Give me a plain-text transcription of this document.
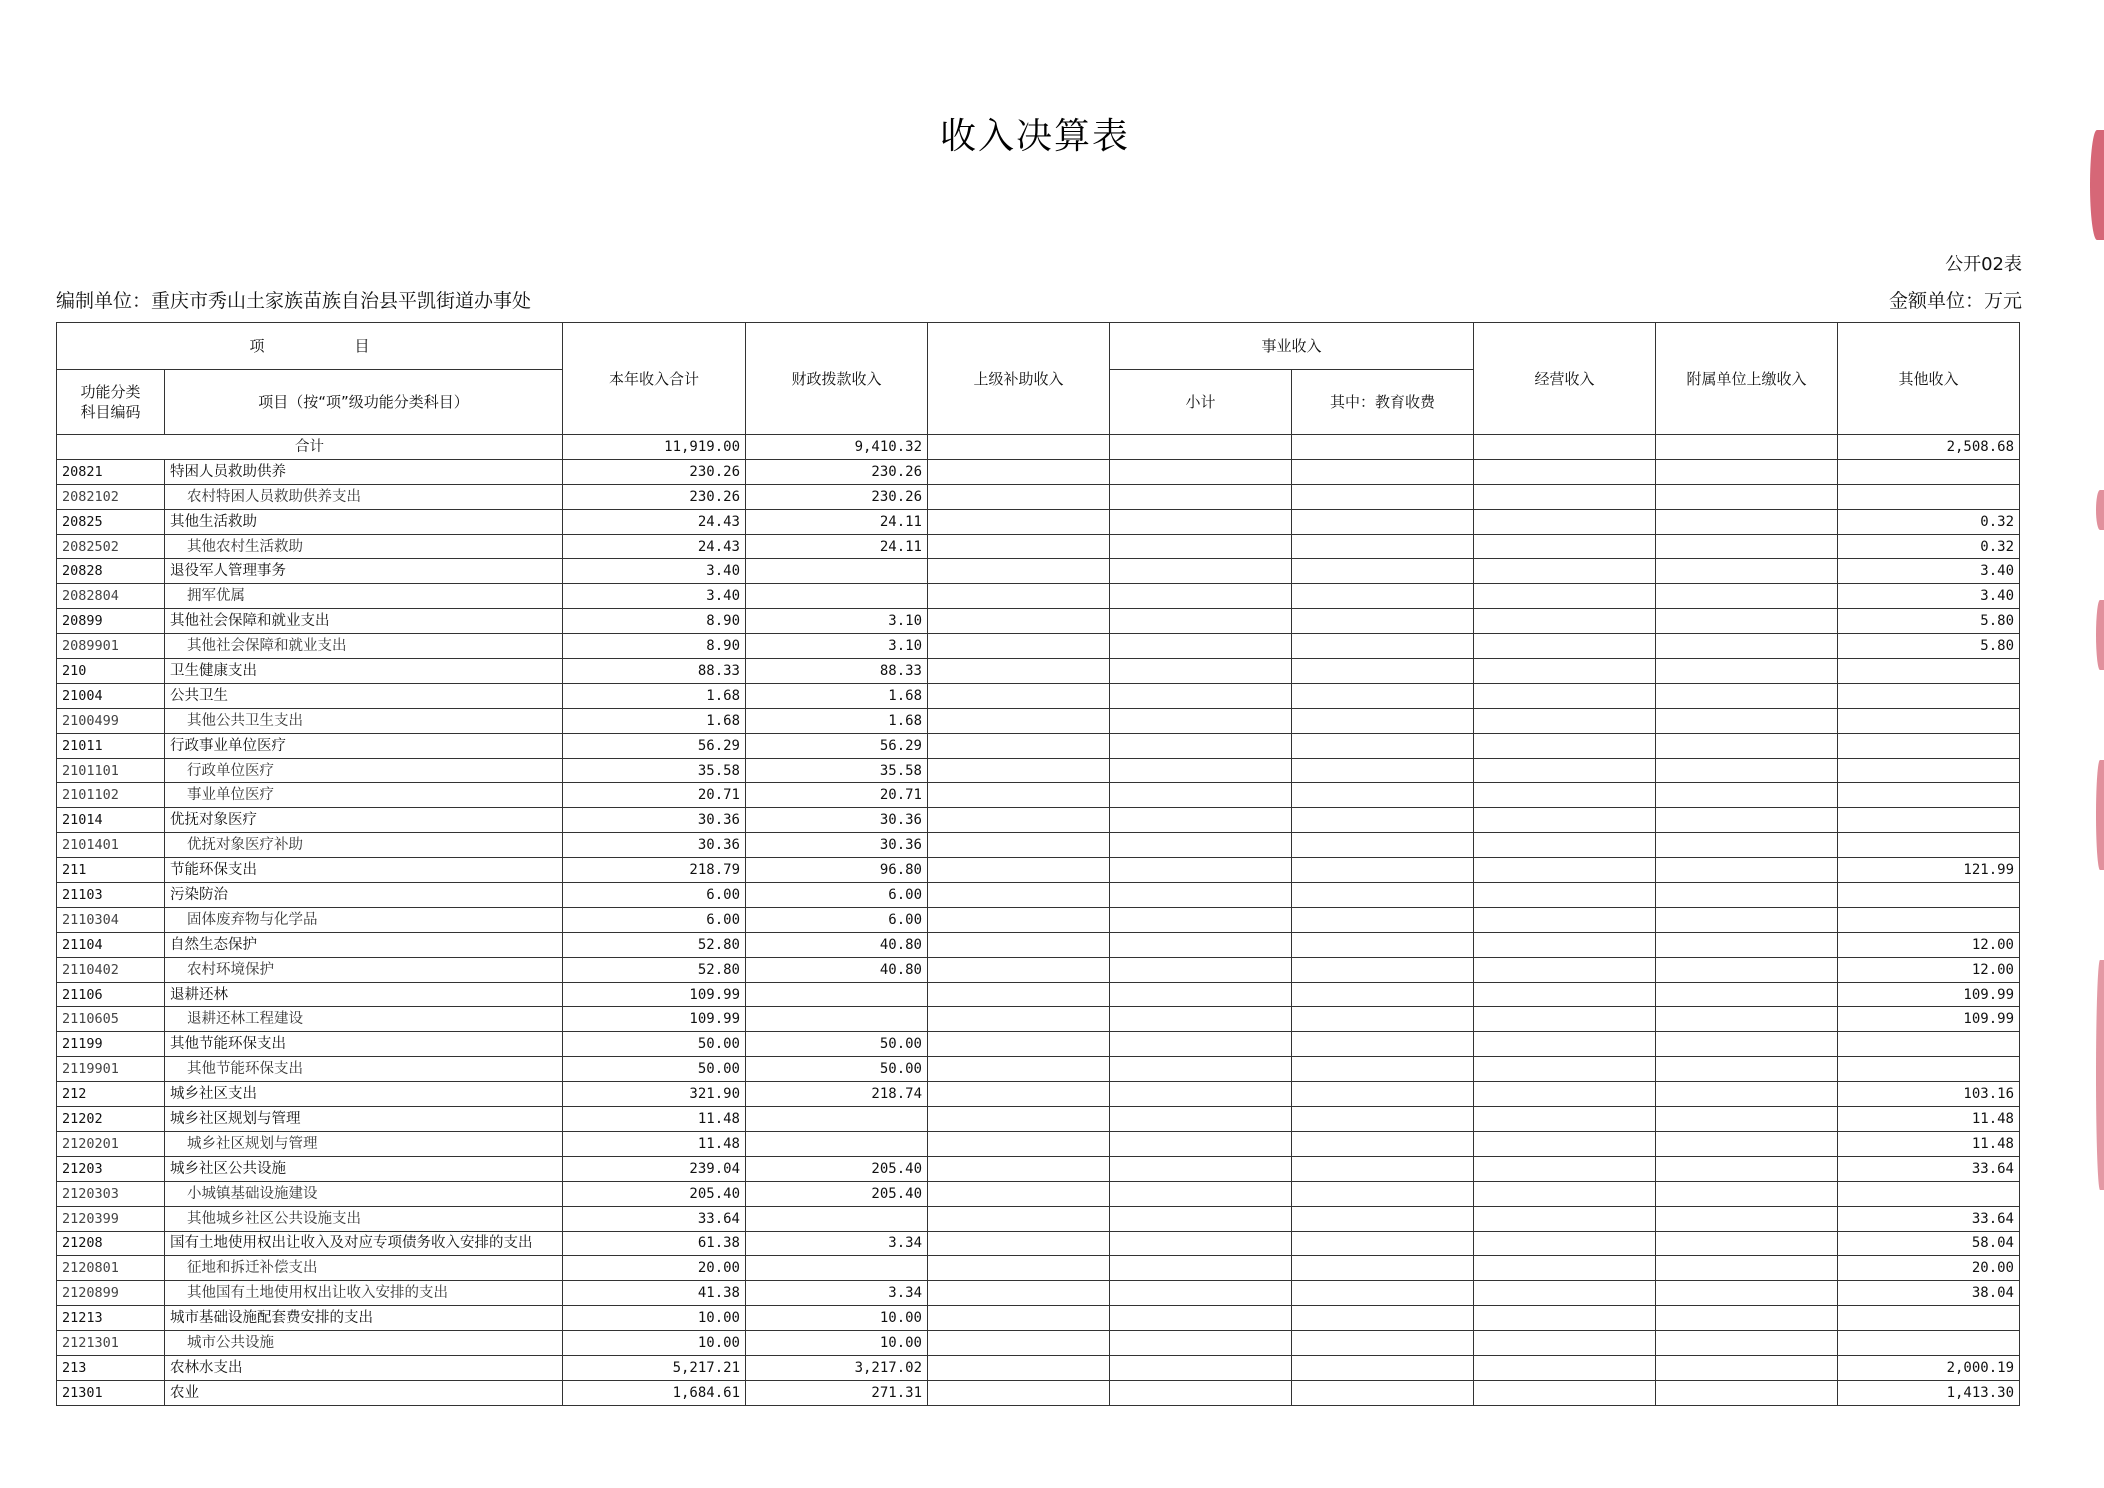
收入决算表
公开02表
编制单位：重庆市秀山土家族苗族自治县平凯街道办事处	金额单位：万元
项　　　　　　目		本年收入合计	财政拨款收入	上级补助收入	事业收入		经营收入	附属单位上缴收入	其他收入
功能分类科目编码	项目（按“项”级功能分类科目）				小计	其中：教育收费			

合计		11,919.00	9,410.32						2,508.68
20821	特困人员救助供养	230.26	230.26						
2082102	农村特困人员救助供养支出	230.26	230.26						
20825	其他生活救助	24.43	24.11						0.32
2082502	其他农村生活救助	24.43	24.11						0.32
20828	退役军人管理事务	3.40							3.40
2082804	拥军优属	3.40							3.40
20899	其他社会保障和就业支出	8.90	3.10						5.80
2089901	其他社会保障和就业支出	8.90	3.10						5.80
210	卫生健康支出	88.33	88.33						
21004	公共卫生	1.68	1.68						
2100499	其他公共卫生支出	1.68	1.68						
21011	行政事业单位医疗	56.29	56.29						
2101101	行政单位医疗	35.58	35.58						
2101102	事业单位医疗	20.71	20.71						
21014	优抚对象医疗	30.36	30.36						
2101401	优抚对象医疗补助	30.36	30.36						
211	节能环保支出	218.79	96.80						121.99
21103	污染防治	6.00	6.00						
2110304	固体废弃物与化学品	6.00	6.00						
21104	自然生态保护	52.80	40.80						12.00
2110402	农村环境保护	52.80	40.80						12.00
21106	退耕还林	109.99							109.99
2110605	退耕还林工程建设	109.99							109.99
21199	其他节能环保支出	50.00	50.00						
2119901	其他节能环保支出	50.00	50.00						
212	城乡社区支出	321.90	218.74						103.16
21202	城乡社区规划与管理	11.48							11.48
2120201	城乡社区规划与管理	11.48							11.48
21203	城乡社区公共设施	239.04	205.40						33.64
2120303	小城镇基础设施建设	205.40	205.40						
2120399	其他城乡社区公共设施支出	33.64							33.64
21208	国有土地使用权出让收入及对应专项债务收入安排的支出	61.38	3.34						58.04
2120801	征地和拆迁补偿支出	20.00							20.00
2120899	其他国有土地使用权出让收入安排的支出	41.38	3.34						38.04
21213	城市基础设施配套费安排的支出	10.00	10.00						
2121301	城市公共设施	10.00	10.00						
213	农林水支出	5,217.21	3,217.02						2,000.19
21301	农业	1,684.61	271.31						1,413.30
